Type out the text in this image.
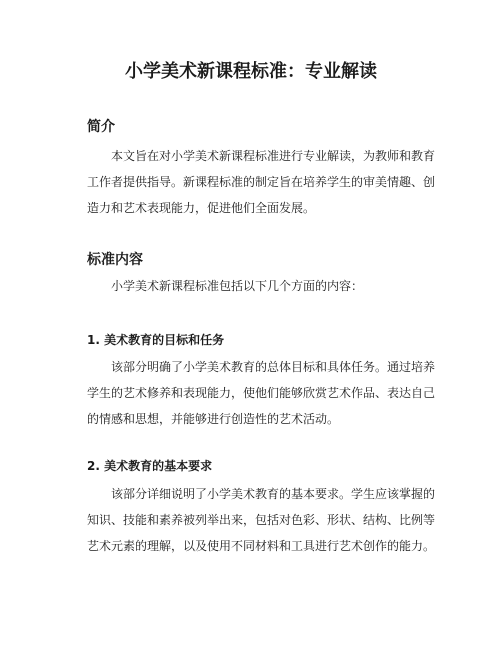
小学美术新课程标准：专业解读
简介

本文旨在对小学美术新课程标准进行专业解读，为教师和教育
工作者提供指导。新课程标准的制定旨在培养学生的审美情趣、创
造力和艺术表现能力，促进他们全面发展。

标准内容

小学美术新课程标准包括以下几个方面的内容：

1. 美术教育的目标和任务

该部分明确了小学美术教育的总体目标和具体任务。通过培养
学生的艺术修养和表现能力，使他们能够欣赏艺术作品、表达自己
的情感和思想，并能够进行创造性的艺术活动。

2. 美术教育的基本要求

该部分详细说明了小学美术教育的基本要求。学生应该掌握的
知识、技能和素养被列举出来，包括对色彩、形状、结构、比例等
艺术元素的理解，以及使用不同材料和工具进行艺术创作的能力。
